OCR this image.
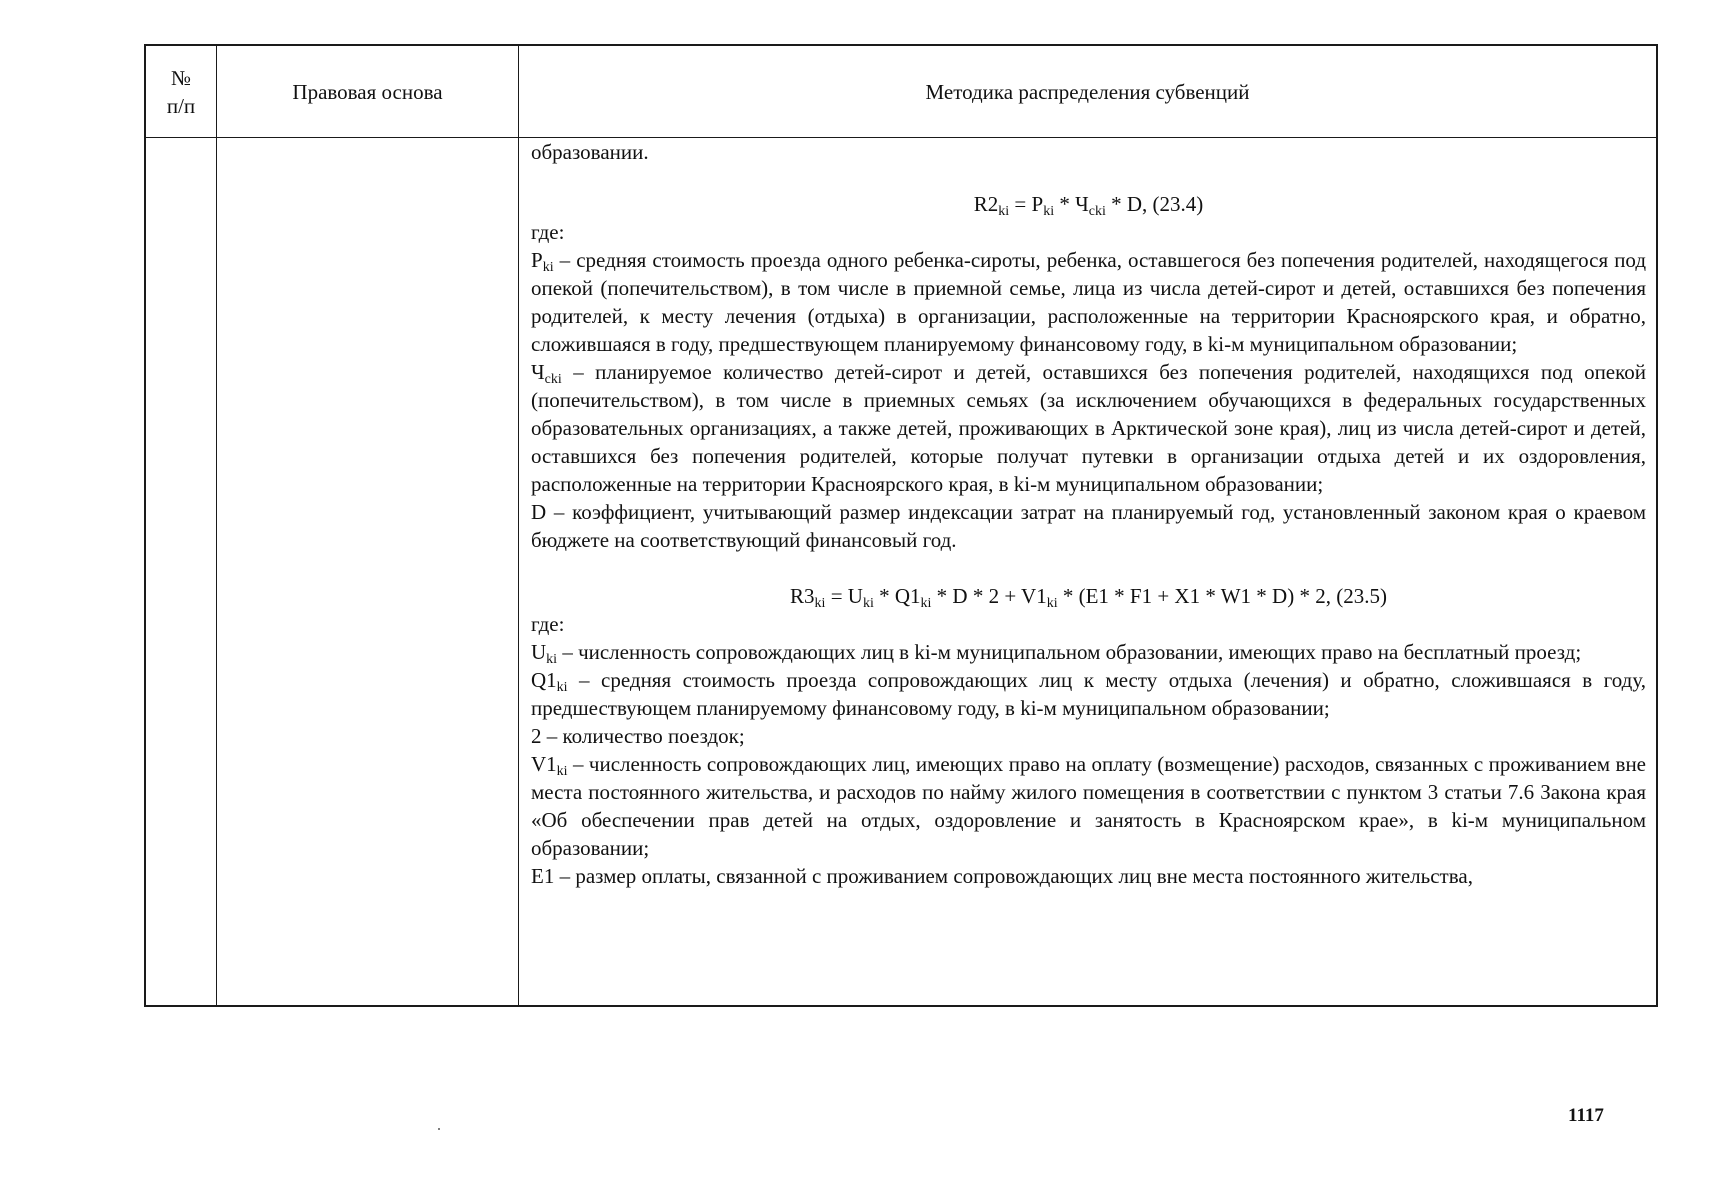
№ п/п
Правовая основа	Методика распределения субвенций

образовании.

$R2_{ki} = P_{ki} * Ч_{cki} * D$, (23.4)

где:

$P_{ki}$ – средняя стоимость проезда одного ребенка-сироты, ребенка, оставшегося без попечения родителей, находящегося под опекой (попечительством), в том числе в приемной семье, лица из числа детей-сирот и детей, оставшихся без попечения родителей, к месту лечения (отдыха) в организации, расположенные на территории Красноярского края, и обратно, сложившаяся в году, предшествующем планируемому финансовому году, в ki-м муниципальном образовании;

$Ч_{cki}$ – планируемое количество детей-сирот и детей, оставшихся без попечения родителей, находящихся под опекой (попечительством), в том числе в приемных семьях (за исключением обучающихся в федеральных государственных образовательных организациях, а также детей, проживающих в Арктической зоне края), лиц из числа детей-сирот и детей, оставшихся без попечения родителей, которые получат путевки в организации отдыха детей и их оздоровления, расположенные на территории Красноярского края, в ki-м муниципальном образовании;

D – коэффициент, учитывающий размер индексации затрат на планируемый год, установленный законом края о краевом бюджете на соответствующий финансовый год.

$R3_{ki} = U_{ki} * Q1_{ki} * D * 2 + V1_{ki} * (E1 * F1 + X1 * W1 * D) * 2$, (23.5)

где:

$U_{ki}$ – численность сопровождающих лиц в ki-м муниципальном образовании, имеющих право на бесплатный проезд;

$Q1_{ki}$ – средняя стоимость проезда сопровождающих лиц к месту отдыха (лечения) и обратно, сложившаяся в году, предшествующем планируемому финансовому году, в ki-м муниципальном образовании;

2 – количество поездок;

$V1_{ki}$ – численность сопровождающих лиц, имеющих право на оплату (возмещение) расходов, связанных с проживанием вне места постоянного жительства, и расходов по найму жилого помещения в соответствии с пунктом 3 статьи 7.6 Закона края «Об обеспечении прав детей на отдых, оздоровление и занятость в Красноярском крае», в ki-м муниципальном образовании;

E1 – размер оплаты, связанной с проживанием сопровождающих лиц вне места постоянного жительства,

1117
